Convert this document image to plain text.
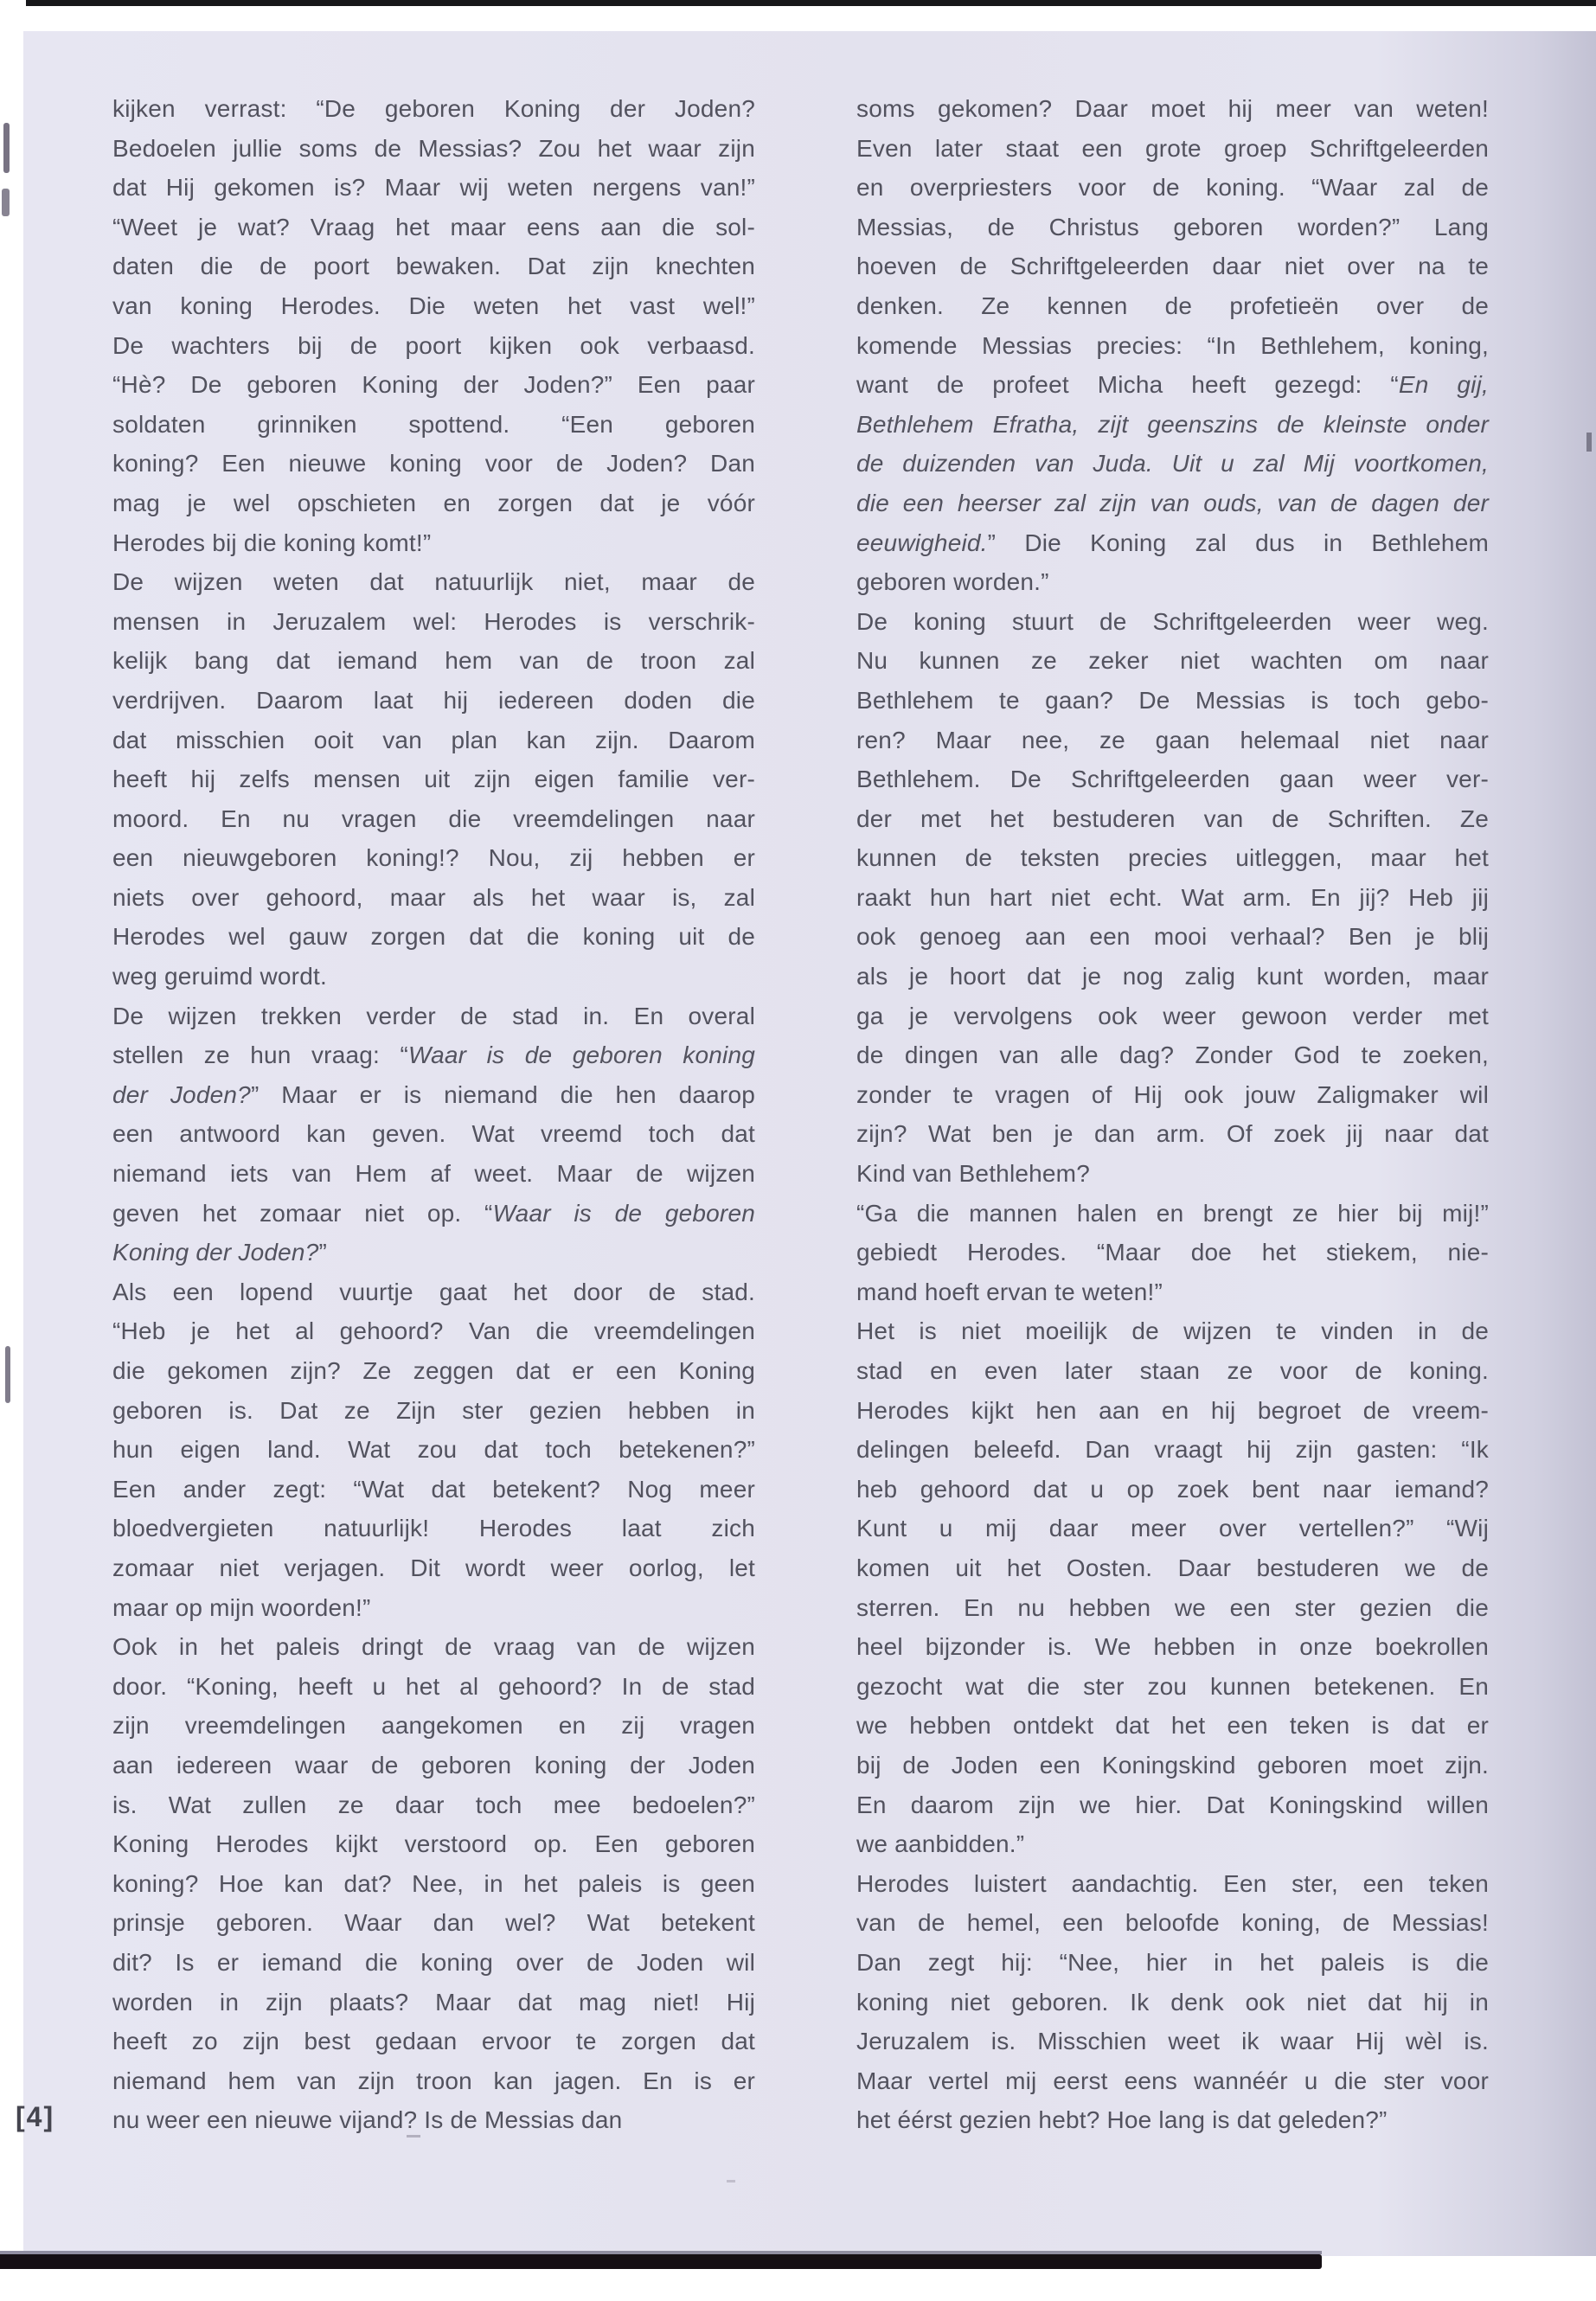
kijken verrast: “De geboren Koning der Joden?
Bedoelen jullie soms de Messias? Zou het waar zijn
dat Hij gekomen is? Maar wij weten nergens van!”
“Weet je wat? Vraag het maar eens aan die sol-
daten die de poort bewaken. Dat zijn knechten
van koning Herodes. Die weten het vast wel!”
De wachters bij de poort kijken ook verbaasd.
“Hè? De geboren Koning der Joden?” Een paar
soldaten grinniken spottend. “Een geboren
koning? Een nieuwe koning voor de Joden? Dan
mag je wel opschieten en zorgen dat je vóór
Herodes bij die koning komt!”
De wijzen weten dat natuurlijk niet, maar de
mensen in Jeruzalem wel: Herodes is verschrik-
kelijk bang dat iemand hem van de troon zal
verdrijven. Daarom laat hij iedereen doden die
dat misschien ooit van plan kan zijn. Daarom
heeft hij zelfs mensen uit zijn eigen familie ver-
moord. En nu vragen die vreemdelingen naar
een nieuwgeboren koning!? Nou, zij hebben er
niets over gehoord, maar als het waar is, zal
Herodes wel gauw zorgen dat die koning uit de
weg geruimd wordt.
De wijzen trekken verder de stad in. En overal
stellen ze hun vraag: “Waar is de geboren koning
der Joden?” Maar er is niemand die hen daarop
een antwoord kan geven. Wat vreemd toch dat
niemand iets van Hem af weet. Maar de wijzen
geven het zomaar niet op. “Waar is de geboren
Koning der Joden?”
Als een lopend vuurtje gaat het door de stad.
“Heb je het al gehoord? Van die vreemdelingen
die gekomen zijn? Ze zeggen dat er een Koning
geboren is. Dat ze Zijn ster gezien hebben in
hun eigen land. Wat zou dat toch betekenen?”
Een ander zegt: “Wat dat betekent? Nog meer
bloedvergieten natuurlijk! Herodes laat zich
zomaar niet verjagen. Dit wordt weer oorlog, let
maar op mijn woorden!”
Ook in het paleis dringt de vraag van de wijzen
door. “Koning, heeft u het al gehoord? In de stad
zijn vreemdelingen aangekomen en zij vragen
aan iedereen waar de geboren koning der Joden
is. Wat zullen ze daar toch mee bedoelen?”
Koning Herodes kijkt verstoord op. Een geboren
koning? Hoe kan dat? Nee, in het paleis is geen
prinsje geboren. Waar dan wel? Wat betekent
dit? Is er iemand die koning over de Joden wil
worden in zijn plaats? Maar dat mag niet! Hij
heeft zo zijn best gedaan ervoor te zorgen dat
niemand hem van zijn troon kan jagen. En is er
nu weer een nieuwe vijand? Is de Messias dan
soms gekomen? Daar moet hij meer van weten!
Even later staat een grote groep Schriftgeleerden
en overpriesters voor de koning. “Waar zal de
Messias, de Christus geboren worden?” Lang
hoeven de Schriftgeleerden daar niet over na te
denken. Ze kennen de profetieën over de
komende Messias precies: “In Bethlehem, koning,
want de profeet Micha heeft gezegd: “En gij,
Bethlehem Efratha, zijt geenszins de kleinste onder
de duizenden van Juda. Uit u zal Mij voortkomen,
die een heerser zal zijn van ouds, van de dagen der
eeuwigheid.” Die Koning zal dus in Bethlehem
geboren worden.”
De koning stuurt de Schriftgeleerden weer weg.
Nu kunnen ze zeker niet wachten om naar
Bethlehem te gaan? De Messias is toch gebo-
ren? Maar nee, ze gaan helemaal niet naar
Bethlehem. De Schriftgeleerden gaan weer ver-
der met het bestuderen van de Schriften. Ze
kunnen de teksten precies uitleggen, maar het
raakt hun hart niet echt. Wat arm. En jij? Heb jij
ook genoeg aan een mooi verhaal? Ben je blij
als je hoort dat je nog zalig kunt worden, maar
ga je vervolgens ook weer gewoon verder met
de dingen van alle dag? Zonder God te zoeken,
zonder te vragen of Hij ook jouw Zaligmaker wil
zijn? Wat ben je dan arm. Of zoek jij naar dat
Kind van Bethlehem?
“Ga die mannen halen en brengt ze hier bij mij!”
gebiedt Herodes. “Maar doe het stiekem, nie-
mand hoeft ervan te weten!”
Het is niet moeilijk de wijzen te vinden in de
stad en even later staan ze voor de koning.
Herodes kijkt hen aan en hij begroet de vreem-
delingen beleefd. Dan vraagt hij zijn gasten: “Ik
heb gehoord dat u op zoek bent naar iemand?
Kunt u mij daar meer over vertellen?” “Wij
komen uit het Oosten. Daar bestuderen we de
sterren. En nu hebben we een ster gezien die
heel bijzonder is. We hebben in onze boekrollen
gezocht wat die ster zou kunnen betekenen. En
we hebben ontdekt dat het een teken is dat er
bij de Joden een Koningskind geboren moet zijn.
En daarom zijn we hier. Dat Koningskind willen
we aanbidden.”
Herodes luistert aandachtig. Een ster, een teken
van de hemel, een beloofde koning, de Messias!
Dan zegt hij: “Nee, hier in het paleis is die
koning niet geboren. Ik denk ook niet dat hij in
Jeruzalem is. Misschien weet ik waar Hij wèl is.
Maar vertel mij eerst eens wannéér u die ster voor
het éérst gezien hebt? Hoe lang is dat geleden?”
[4]
